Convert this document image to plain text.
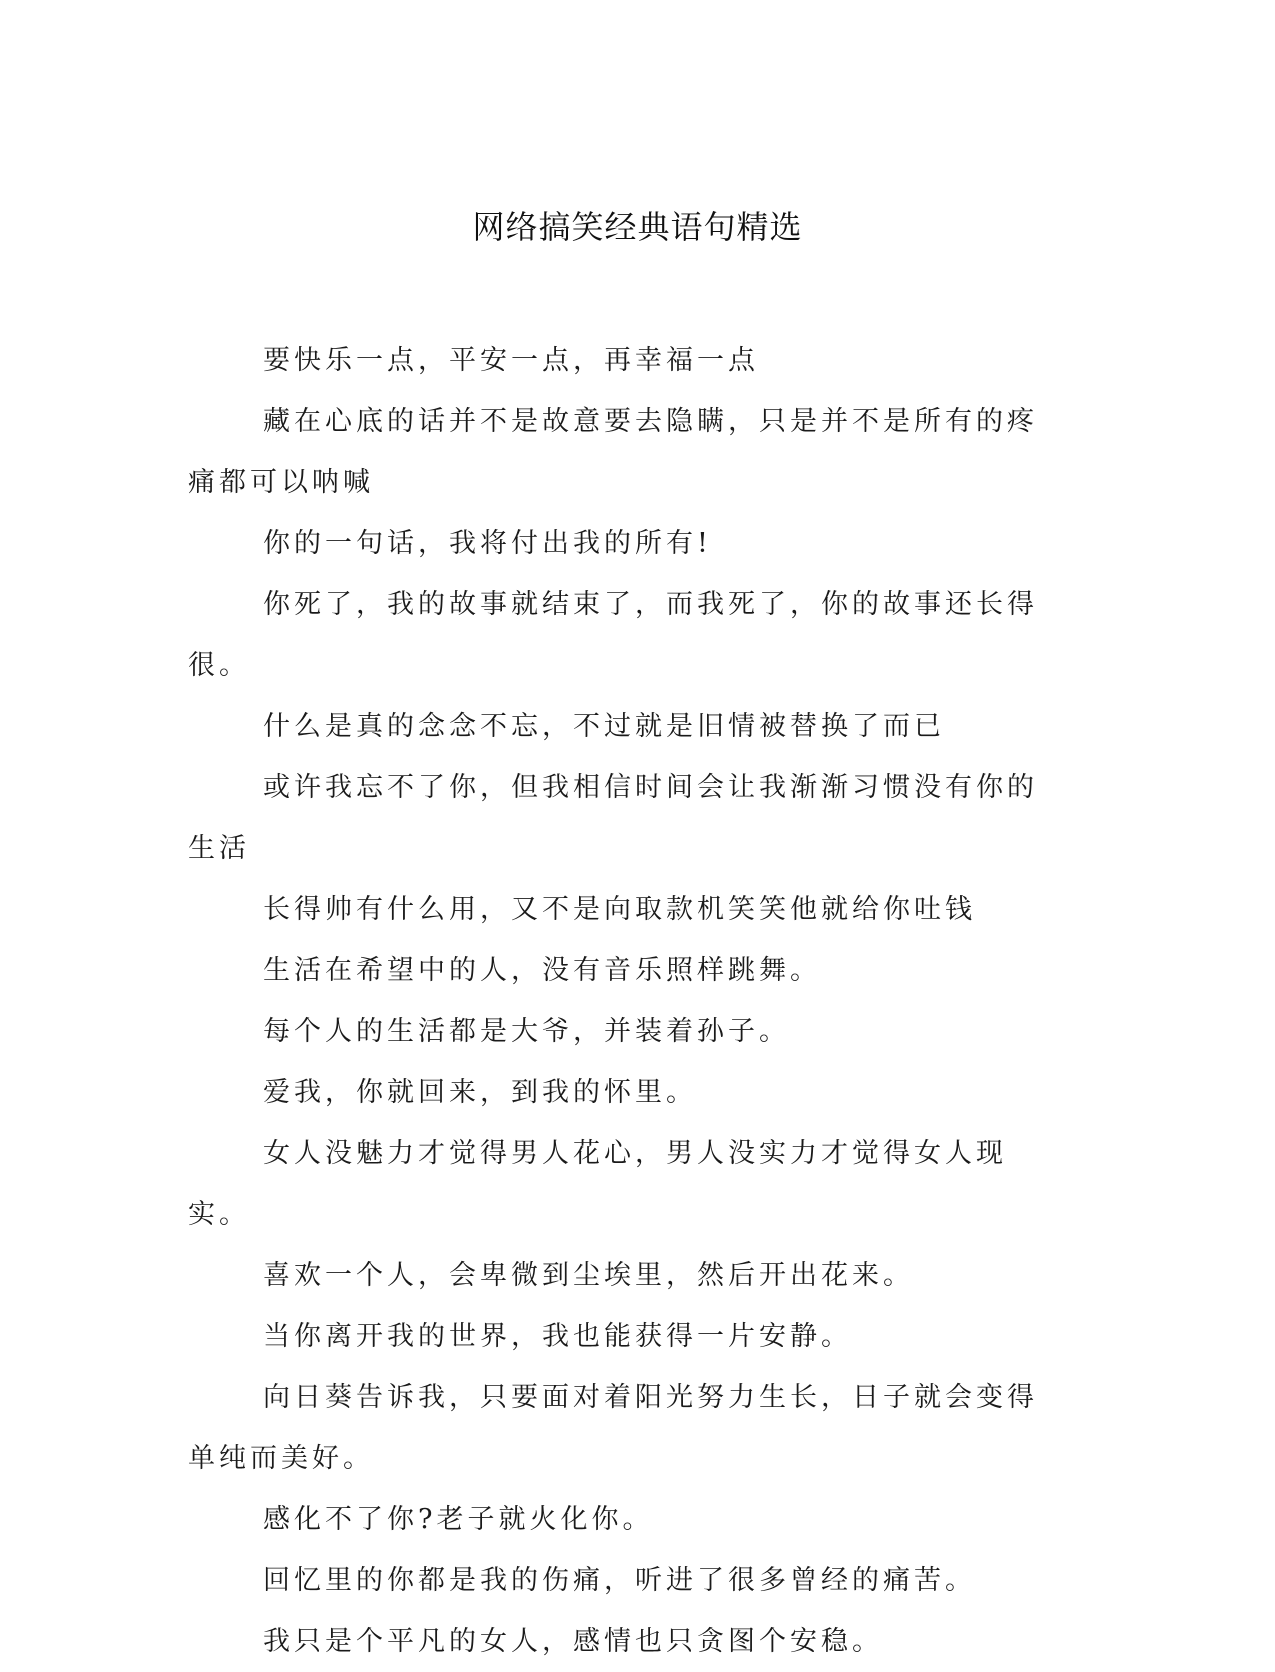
网络搞笑经典语句精选

要快乐一点，平安一点，再幸福一点

藏在心底的话并不是故意要去隐瞒，只是并不是所有的疼痛都可以呐喊

你的一句话，我将付出我的所有!

你死了，我的故事就结束了，而我死了，你的故事还长得很。

什么是真的念念不忘，不过就是旧情被替换了而已

或许我忘不了你，但我相信时间会让我渐渐习惯没有你的生活

长得帅有什么用，又不是向取款机笑笑他就给你吐钱

生活在希望中的人，没有音乐照样跳舞。

每个人的生活都是大爷，并装着孙子。

爱我，你就回来，到我的怀里。

女人没魅力才觉得男人花心，男人没实力才觉得女人现实。

喜欢一个人，会卑微到尘埃里，然后开出花来。

当你离开我的世界，我也能获得一片安静。

向日葵告诉我，只要面对着阳光努力生长，日子就会变得单纯而美好。

感化不了你?老子就火化你。

回忆里的你都是我的伤痛，听进了很多曾经的痛苦。

我只是个平凡的女人，感情也只贪图个安稳。
